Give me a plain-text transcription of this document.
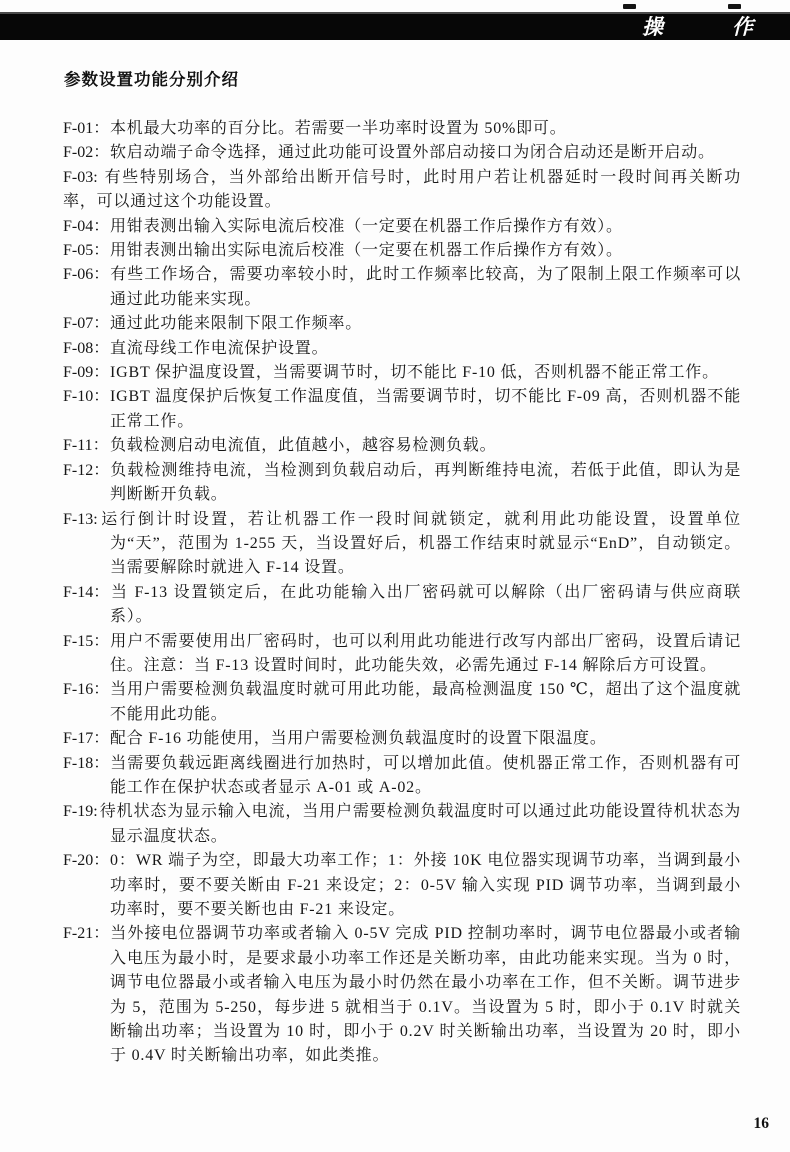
操	作
参数设置功能分别介绍
F-01：本机最大功率的百分比。若需要一半功率时设置为 50%即可。
F-02：软启动端子命令选择，通过此功能可设置外部启动接口为闭合启动还是断开启动。
F-03: 有些特别场合，当外部给出断开信号时，此时用户若让机器延时一段时间再关断功率，可以通过这个功能设置。
F-04：用钳表测出输入实际电流后校准（一定要在机器工作后操作方有效）。
F-05：用钳表测出输出实际电流后校准（一定要在机器工作后操作方有效）。
F-06：有些工作场合，需要功率较小时，此时工作频率比较高，为了限制上限工作频率可以通过此功能来实现。
F-07：通过此功能来限制下限工作频率。
F-08：直流母线工作电流保护设置。
F-09：IGBT 保护温度设置，当需要调节时，切不能比 F-10 低，否则机器不能正常工作。
F-10：IGBT 温度保护后恢复工作温度值，当需要调节时，切不能比 F-09 高，否则机器不能正常工作。
F-11：负载检测启动电流值，此值越小，越容易检测负载。
F-12：负载检测维持电流，当检测到负载启动后，再判断维持电流，若低于此值，即认为是判断断开负载。
F-13: 运行倒计时设置，若让机器工作一段时间就锁定，就利用此功能设置，设置单位为“天”，范围为 1-255 天，当设置好后，机器工作结束时就显示“EnD”，自动锁定。当需要解除时就进入 F-14 设置。
F-14：当 F-13 设置锁定后，在此功能输入出厂密码就可以解除（出厂密码请与供应商联系）。
F-15：用户不需要使用出厂密码时，也可以利用此功能进行改写内部出厂密码，设置后请记住。注意：当 F-13 设置时间时，此功能失效，必需先通过 F-14 解除后方可设置。
F-16：当用户需要检测负载温度时就可用此功能，最高检测温度 150 ℃，超出了这个温度就不能用此功能。
F-17：配合 F-16 功能使用，当用户需要检测负载温度时的设置下限温度。
F-18：当需要负载远距离线圈进行加热时，可以增加此值。使机器正常工作，否则机器有可能工作在保护状态或者显示 A-01 或 A-02。
F-19: 待机状态为显示输入电流，当用户需要检测负载温度时可以通过此功能设置待机状态为显示温度状态。
F-20：0：WR 端子为空，即最大功率工作；1：外接 10K 电位器实现调节功率，当调到最小功率时，要不要关断由 F-21 来设定；2：0-5V 输入实现 PID 调节功率，当调到最小功率时，要不要关断也由 F-21 来设定。
F-21：当外接电位器调节功率或者输入 0-5V 完成 PID 控制功率时，调节电位器最小或者输入电压为最小时，是要求最小功率工作还是关断功率，由此功能来实现。当为 0 时，调节电位器最小或者输入电压为最小时仍然在最小功率在工作，但不关断。调节进步为 5，范围为 5-250，每步进 5 就相当于 0.1V。当设置为 5 时，即小于 0.1V 时就关断输出功率；当设置为 10 时，即小于 0.2V 时关断输出功率，当设置为 20 时，即小于 0.4V 时关断输出功率，如此类推。
16
